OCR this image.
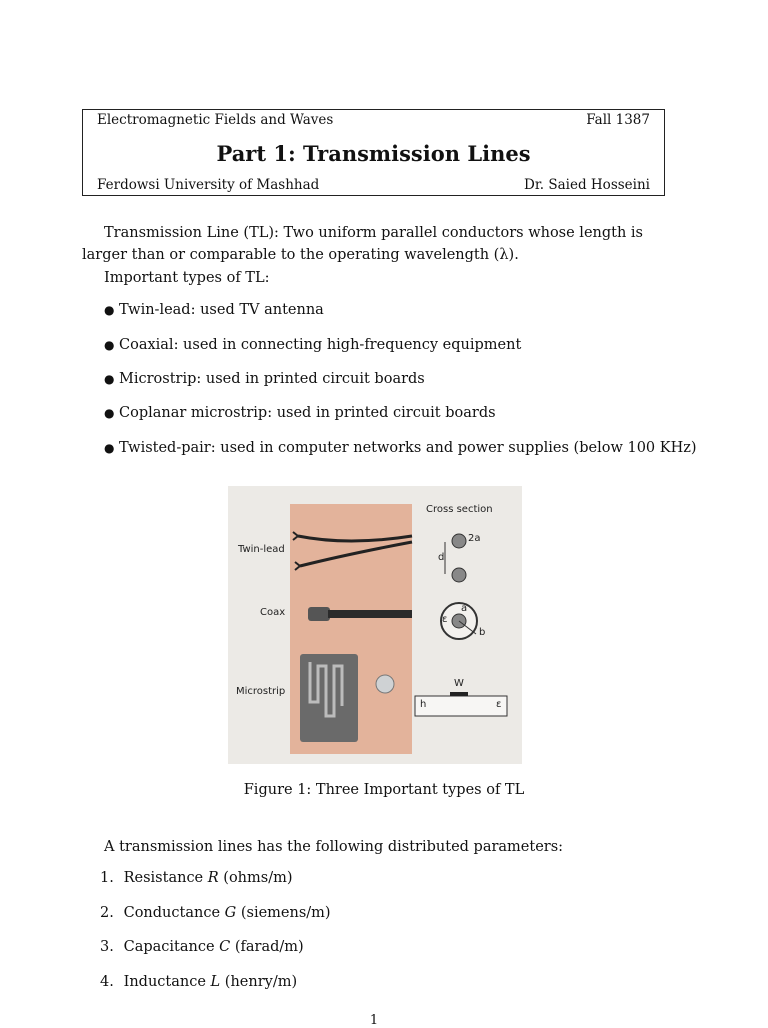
Electromagnetic Fields and Waves	Fall 1387
Part 1: Transmission Lines
Ferdowsi University of Mashhad	Dr. Saied Hosseini
Transmission Line (TL): Two uniform parallel conductors whose length is larger than or comparable to the operating wavelength (λ).
Important types of TL:
● Twin-lead: used TV antenna
● Coaxial: used in connecting high-frequency equipment
● Microstrip: used in printed circuit boards
● Coplanar microstrip: used in printed circuit boards
● Twisted-pair: used in computer networks and power supplies (below 100 KHz)
Cross section
Twin-lead
Coax
Microstrip
2a
d
a
b
ε
W
h	ε
Figure 1: Three Important types of TL
A transmission lines has the following distributed parameters:
1. Resistance R (ohms/m)
2. Conductance G (siemens/m)
3. Capacitance C (farad/m)
4. Inductance L (henry/m)
1
